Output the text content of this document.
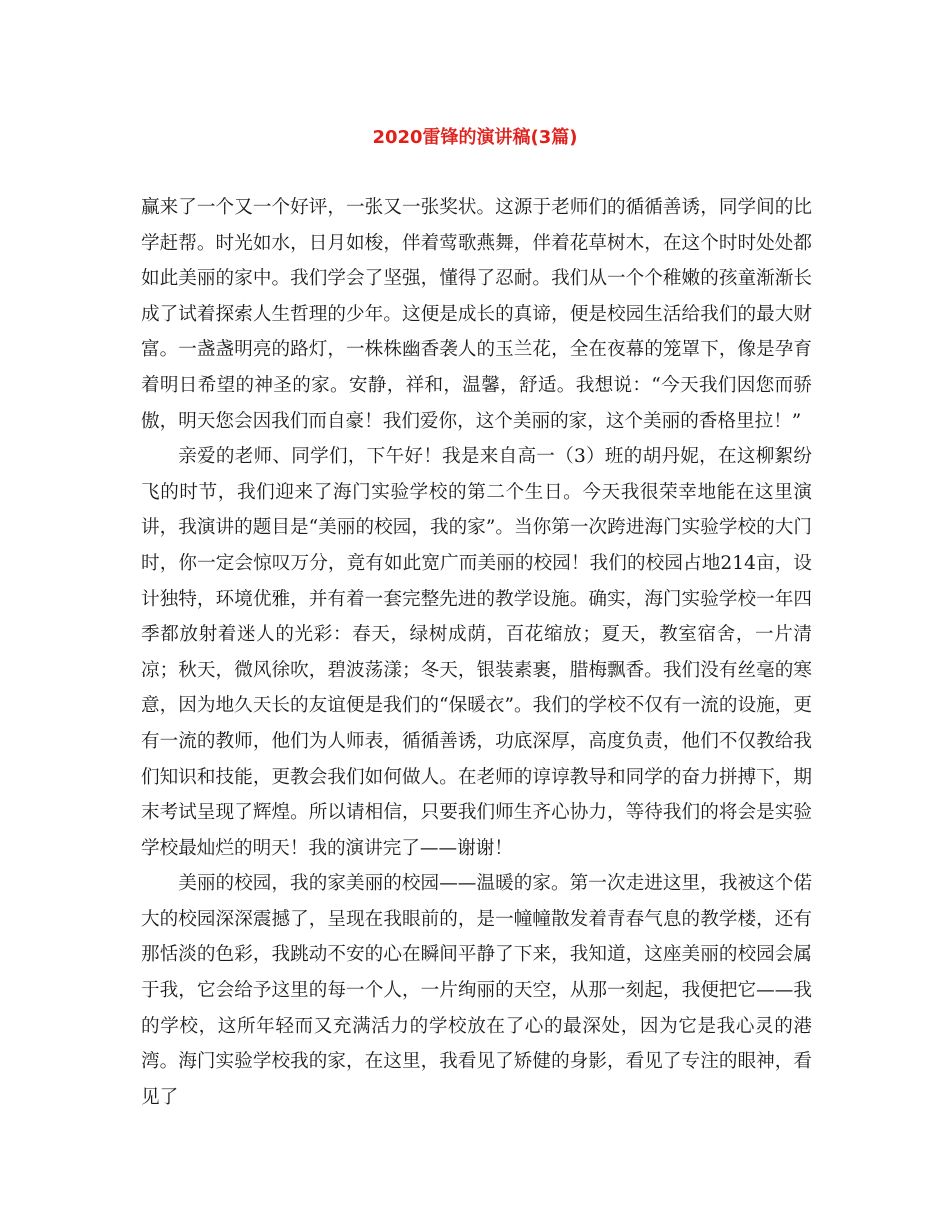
2020雷锋的演讲稿(3篇)

赢来了一个又一个好评，一张又一张奖状。这源于老师们的循循善诱，同学间的比学赶帮。时光如水，日月如梭，伴着莺歌燕舞，伴着花草树木，在这个时时处处都如此美丽的家中。我们学会了坚强，懂得了忍耐。我们从一个个稚嫩的孩童渐渐长成了试着探索人生哲理的少年。这便是成长的真谛，便是校园生活给我们的最大财富。一盏盏明亮的路灯，一株株幽香袭人的玉兰花，全在夜幕的笼罩下，像是孕育着明日希望的神圣的家。安静，祥和，温馨，舒适。我想说：“今天我们因您而骄傲，明天您会因我们而自豪！我们爱你，这个美丽的家，这个美丽的香格里拉！”

亲爱的老师、同学们，下午好！我是来自高一（3）班的胡丹妮，在这柳絮纷飞的时节，我们迎来了海门实验学校的第二个生日。今天我很荣幸地能在这里演讲，我演讲的题目是“美丽的校园，我的家”。当你第一次跨进海门实验学校的大门时，你一定会惊叹万分，竟有如此宽广而美丽的校园！我们的校园占地214亩，设计独特，环境优雅，并有着一套完整先进的教学设施。确实，海门实验学校一年四季都放射着迷人的光彩：春天，绿树成荫，百花缩放；夏天，教室宿舍，一片清凉；秋天，微风徐吹，碧波荡漾；冬天，银装素裹，腊梅飘香。我们没有丝毫的寒意，因为地久天长的友谊便是我们的“保暖衣”。我们的学校不仅有一流的设施，更有一流的教师，他们为人师表，循循善诱，功底深厚，高度负责，他们不仅教给我们知识和技能，更教会我们如何做人。在老师的谆谆教导和同学的奋力拼搏下，期末考试呈现了辉煌。所以请相信，只要我们师生齐心协力，等待我们的将会是实验学校最灿烂的明天！我的演讲完了——谢谢！

美丽的校园，我的家美丽的校园——温暖的家。第一次走进这里，我被这个偌大的校园深深震撼了，呈现在我眼前的，是一幢幢散发着青春气息的教学楼，还有那恬淡的色彩，我跳动不安的心在瞬间平静了下来，我知道，这座美丽的校园会属于我，它会给予这里的每一个人，一片绚丽的天空，从那一刻起，我便把它——我的学校，这所年轻而又充满活力的学校放在了心的最深处，因为它是我心灵的港湾。海门实验学校我的家，在这里，我看见了矫健的身影，看见了专注的眼神，看见了
